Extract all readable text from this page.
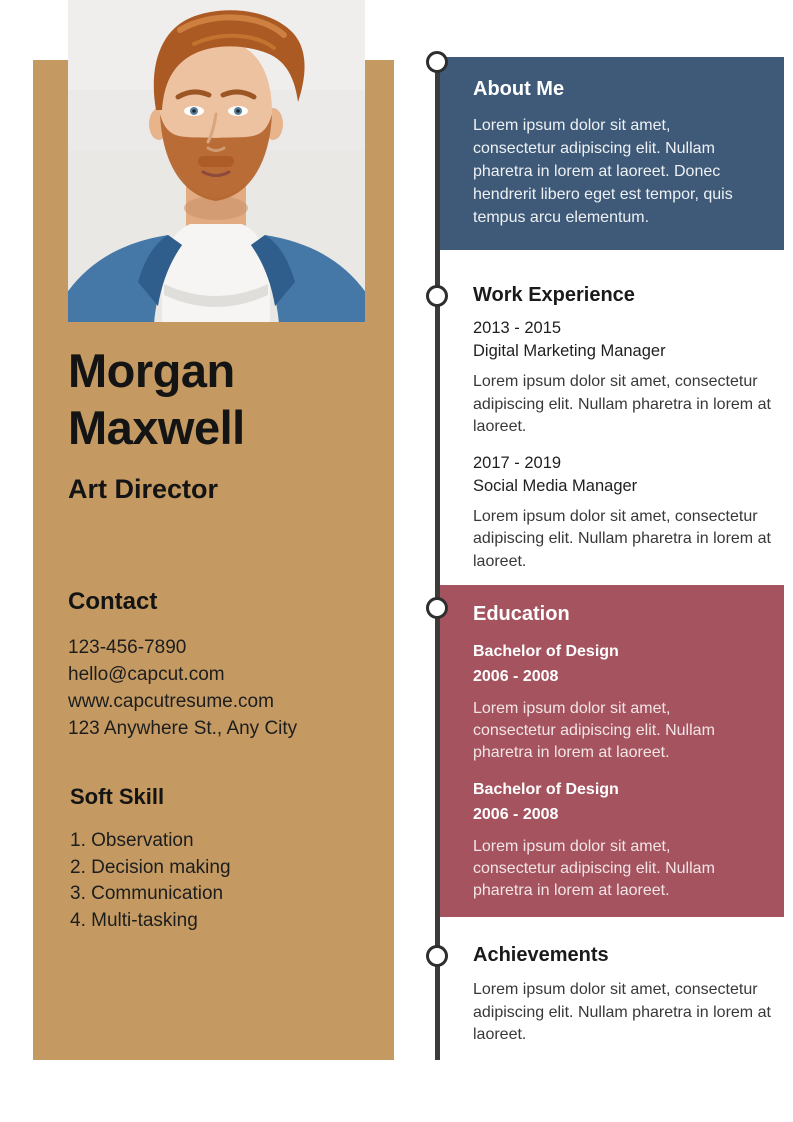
Morgan Maxwell
Art Director
Contact
123-456-7890
hello@capcut.com
www.capcutresume.com
123 Anywhere St., Any City
Soft Skill
1. Observation
2. Decision making
3. Communication
4. Multi-tasking
About Me

Lorem ipsum dolor sit amet, consectetur adipiscing elit. Nullam pharetra in lorem at laoreet. Donec hendrerit libero eget est tempor, quis tempus arcu elementum.

Work Experience
2013 - 2015
Digital Marketing Manager

Lorem ipsum dolor sit amet, consectetur adipiscing elit. Nullam pharetra in lorem at laoreet.

2017 - 2019
Social Media Manager

Lorem ipsum dolor sit amet, consectetur adipiscing elit. Nullam pharetra in lorem at laoreet.

Education
Bachelor of Design
2006 - 2008

Lorem ipsum dolor sit amet, consectetur adipiscing elit. Nullam pharetra in lorem at laoreet.

Bachelor of Design
2006 - 2008

Lorem ipsum dolor sit amet, consectetur adipiscing elit. Nullam pharetra in lorem at laoreet.

Achievements

Lorem ipsum dolor sit amet, consectetur adipiscing elit. Nullam pharetra in lorem at laoreet.
